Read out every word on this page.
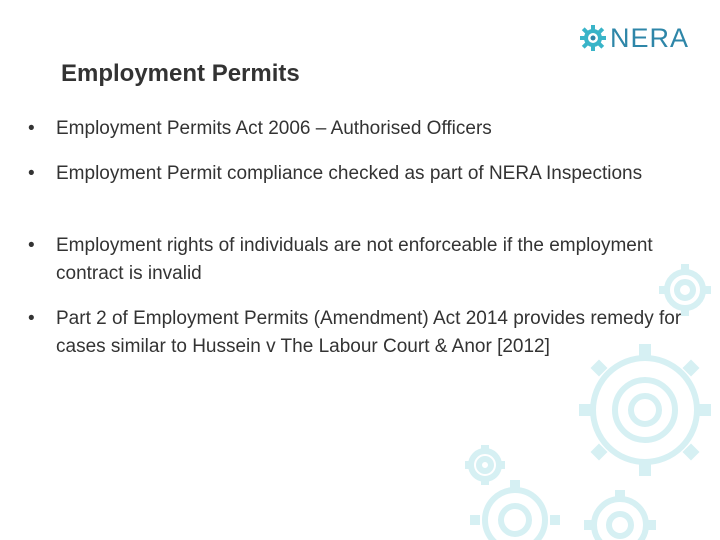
NERA
Employment Permits
•	Employment Permits Act 2006 – Authorised Officers
•	Employment Permit compliance checked as part of NERA Inspections
•	Employment rights of individuals are not enforceable if the employment contract is invalid
•	Part 2 of Employment Permits (Amendment) Act 2014 provides remedy for cases similar to Hussein v The Labour Court & Anor [2012]
